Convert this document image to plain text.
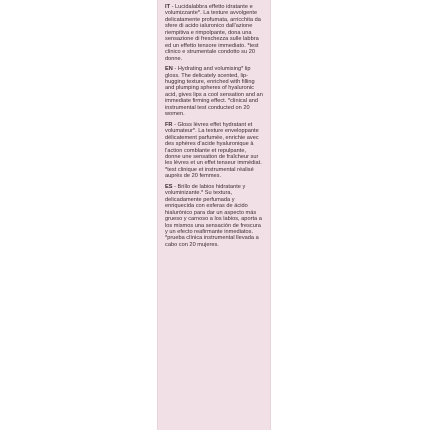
IT - Lucidalabbra effetto idratante e volumizzante*. La texture avvolgente delicatamente profumata, arricchita da sfere di acido ialuronico dall'azione riempitiva e rimpolpante, dona una sensazione di freschezza sulle labbra ed un effetto tensore immediato. *test clinico e strumentale condotto su 20 donne.
EN - Hydrating and volumising* lip gloss. The delicately scented, lip-hugging texture, enriched with filling and plumping spheres of hyaluronic acid, gives lips a cool sensation and an immediate firming effect. *clinical and instrumental test conducted on 20 women.
FR - Gloss lèvres effet hydratant et volumateur*. La texture enveloppante délicatement parfumée, enrichie avec des sphères d'acide hyaluronique à l'action comblante et repulpante, donne une sensation de fraîcheur sur les lèvres et un effet tenseur immédiat. *test clinique et instrumental réalisé auprès de 20 femmes.
ES - Brillo de labios hidratante y voluminizante.* Su textura, delicadamente perfumada y enriquecida con esferas de ácido hialurónico para dar un aspecto más grueso y carnoso a los labios, aporta a los mismos una sensación de frescura y un efecto reafirmante inmediatos. *prueba clínica instrumental llevada a cabo con 20 mujeres.
